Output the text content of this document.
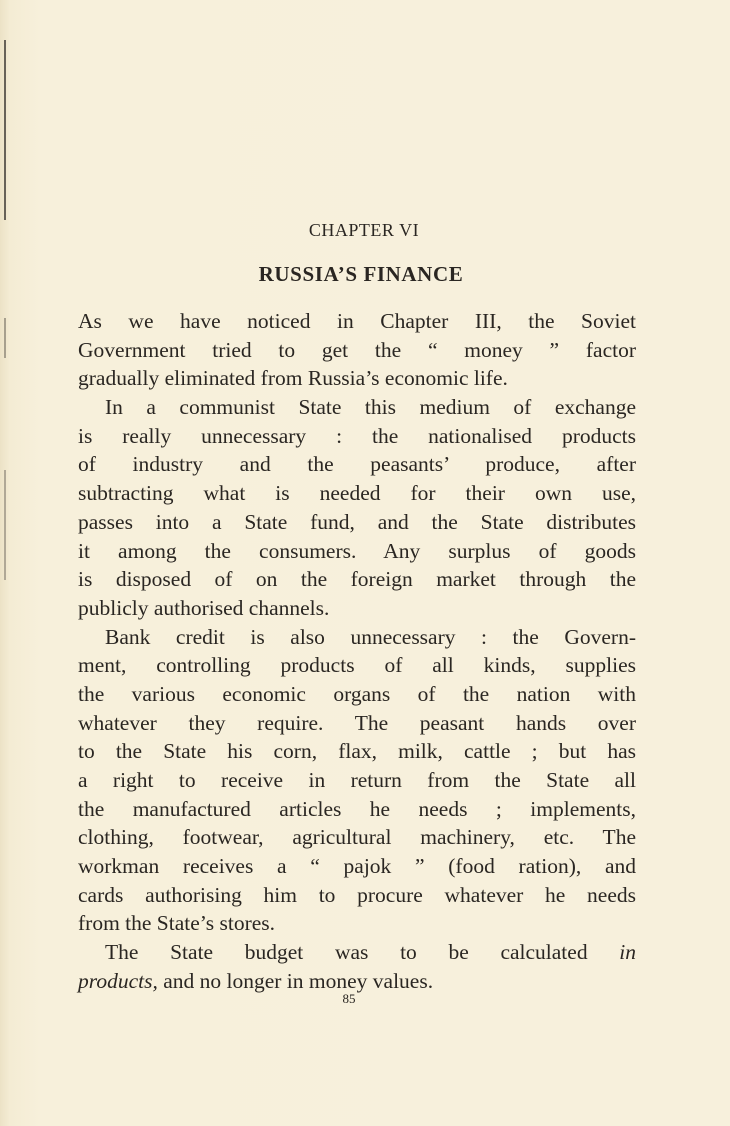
CHAPTER VI
RUSSIA’S FINANCE
As we have noticed in Chapter III, the Soviet
Government tried to get the “ money ” factor
gradually eliminated from Russia’s economic life.
In a communist State this medium of exchange
is really unnecessary : the nationalised products
of industry and the peasants’ produce, after
subtracting what is needed for their own use,
passes into a State fund, and the State distributes
it among the consumers. Any surplus of goods
is disposed of on the foreign market through the
publicly authorised channels.
Bank credit is also unnecessary : the Govern-
ment, controlling products of all kinds, supplies
the various economic organs of the nation with
whatever they require. The peasant hands over
to the State his corn, flax, milk, cattle ; but has
a right to receive in return from the State all
the manufactured articles he needs ; implements,
clothing, footwear, agricultural machinery, etc. The
workman receives a “ pajok ” (food ration), and
cards authorising him to procure whatever he needs
from the State’s stores.
The State budget was to be calculated in
products, and no longer in money values.
85
